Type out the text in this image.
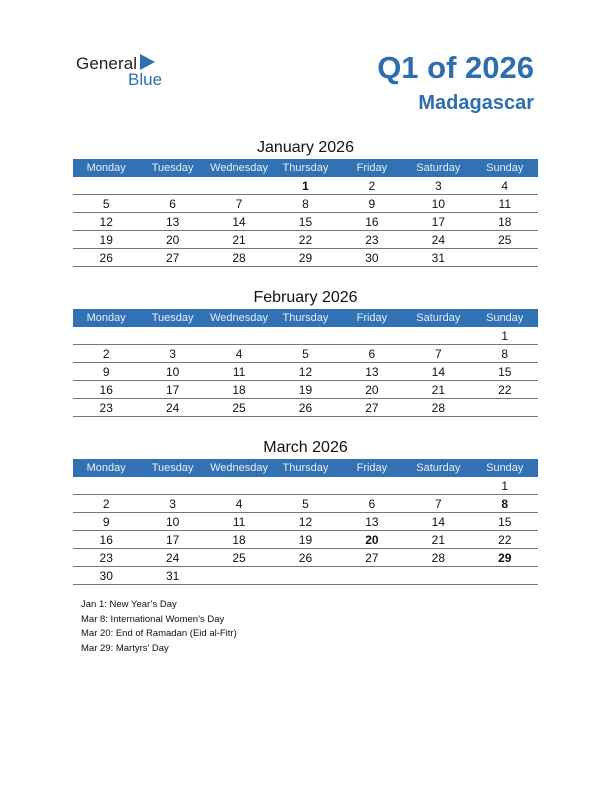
General
Blue	Q1 of 2026
Madagascar
January 2026
Monday	Tuesday	Wednesday	Thursday	Friday	Saturday	Sunday
			1	2	3	4
5	6	7	8	9	10	11
12	13	14	15	16	17	18
19	20	21	22	23	24	25
26	27	28	29	30	31	
February 2026
Monday	Tuesday	Wednesday	Thursday	Friday	Saturday	Sunday
						1
2	3	4	5	6	7	8
9	10	11	12	13	14	15
16	17	18	19	20	21	22
23	24	25	26	27	28	
March 2026
Monday	Tuesday	Wednesday	Thursday	Friday	Saturday	Sunday
						1
2	3	4	5	6	7	8
9	10	11	12	13	14	15
16	17	18	19	20	21	22
23	24	25	26	27	28	29
30	31					
Jan 1: New Year’s Day
Mar 8: International Women’s Day
Mar 20: End of Ramadan (Eid al-Fitr)
Mar 29: Martyrs’ Day
